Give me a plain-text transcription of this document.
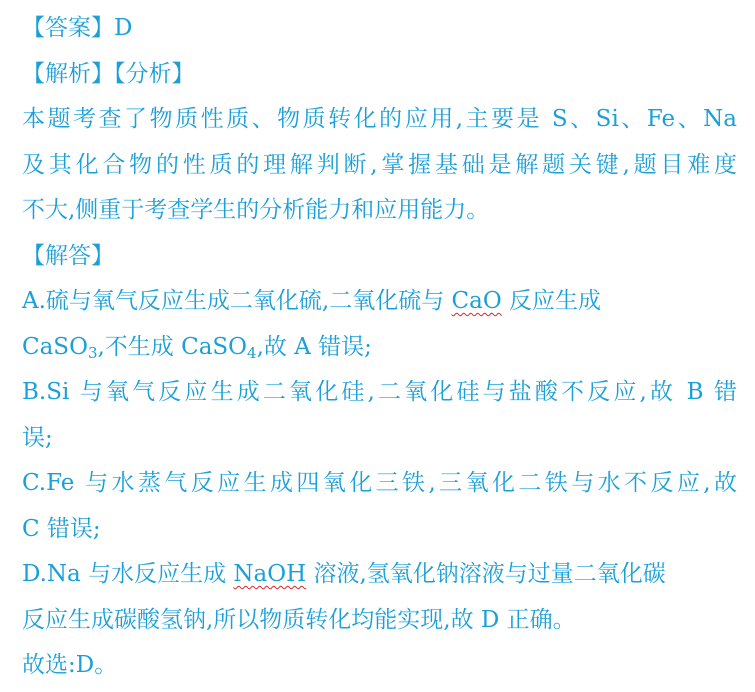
【答案】D
【解析】【分析】
本题考查了物质性质、物质转化的应用,主要是 S、Si、Fe、Na
及其化合物的性质的理解判断,掌握基础是解题关键,题目难度
不大,侧重于考查学生的分析能力和应用能力。
【解答】
A.硫与氧气反应生成二氧化硫,二氧化硫与 CaO 反应生成
CaSO$_3$,不生成 CaSO$_4$,故 A 错误;
B.Si 与氧气反应生成二氧化硅,二氧化硅与盐酸不反应,故 B 错
误;
C.Fe 与水蒸气反应生成四氧化三铁,三氧化二铁与水不反应,故
C 错误;
D.Na 与水反应生成 NaOH 溶液,氢氧化钠溶液与过量二氧化碳
反应生成碳酸氢钠,所以物质转化均能实现,故 D 正确。
故选:D。
